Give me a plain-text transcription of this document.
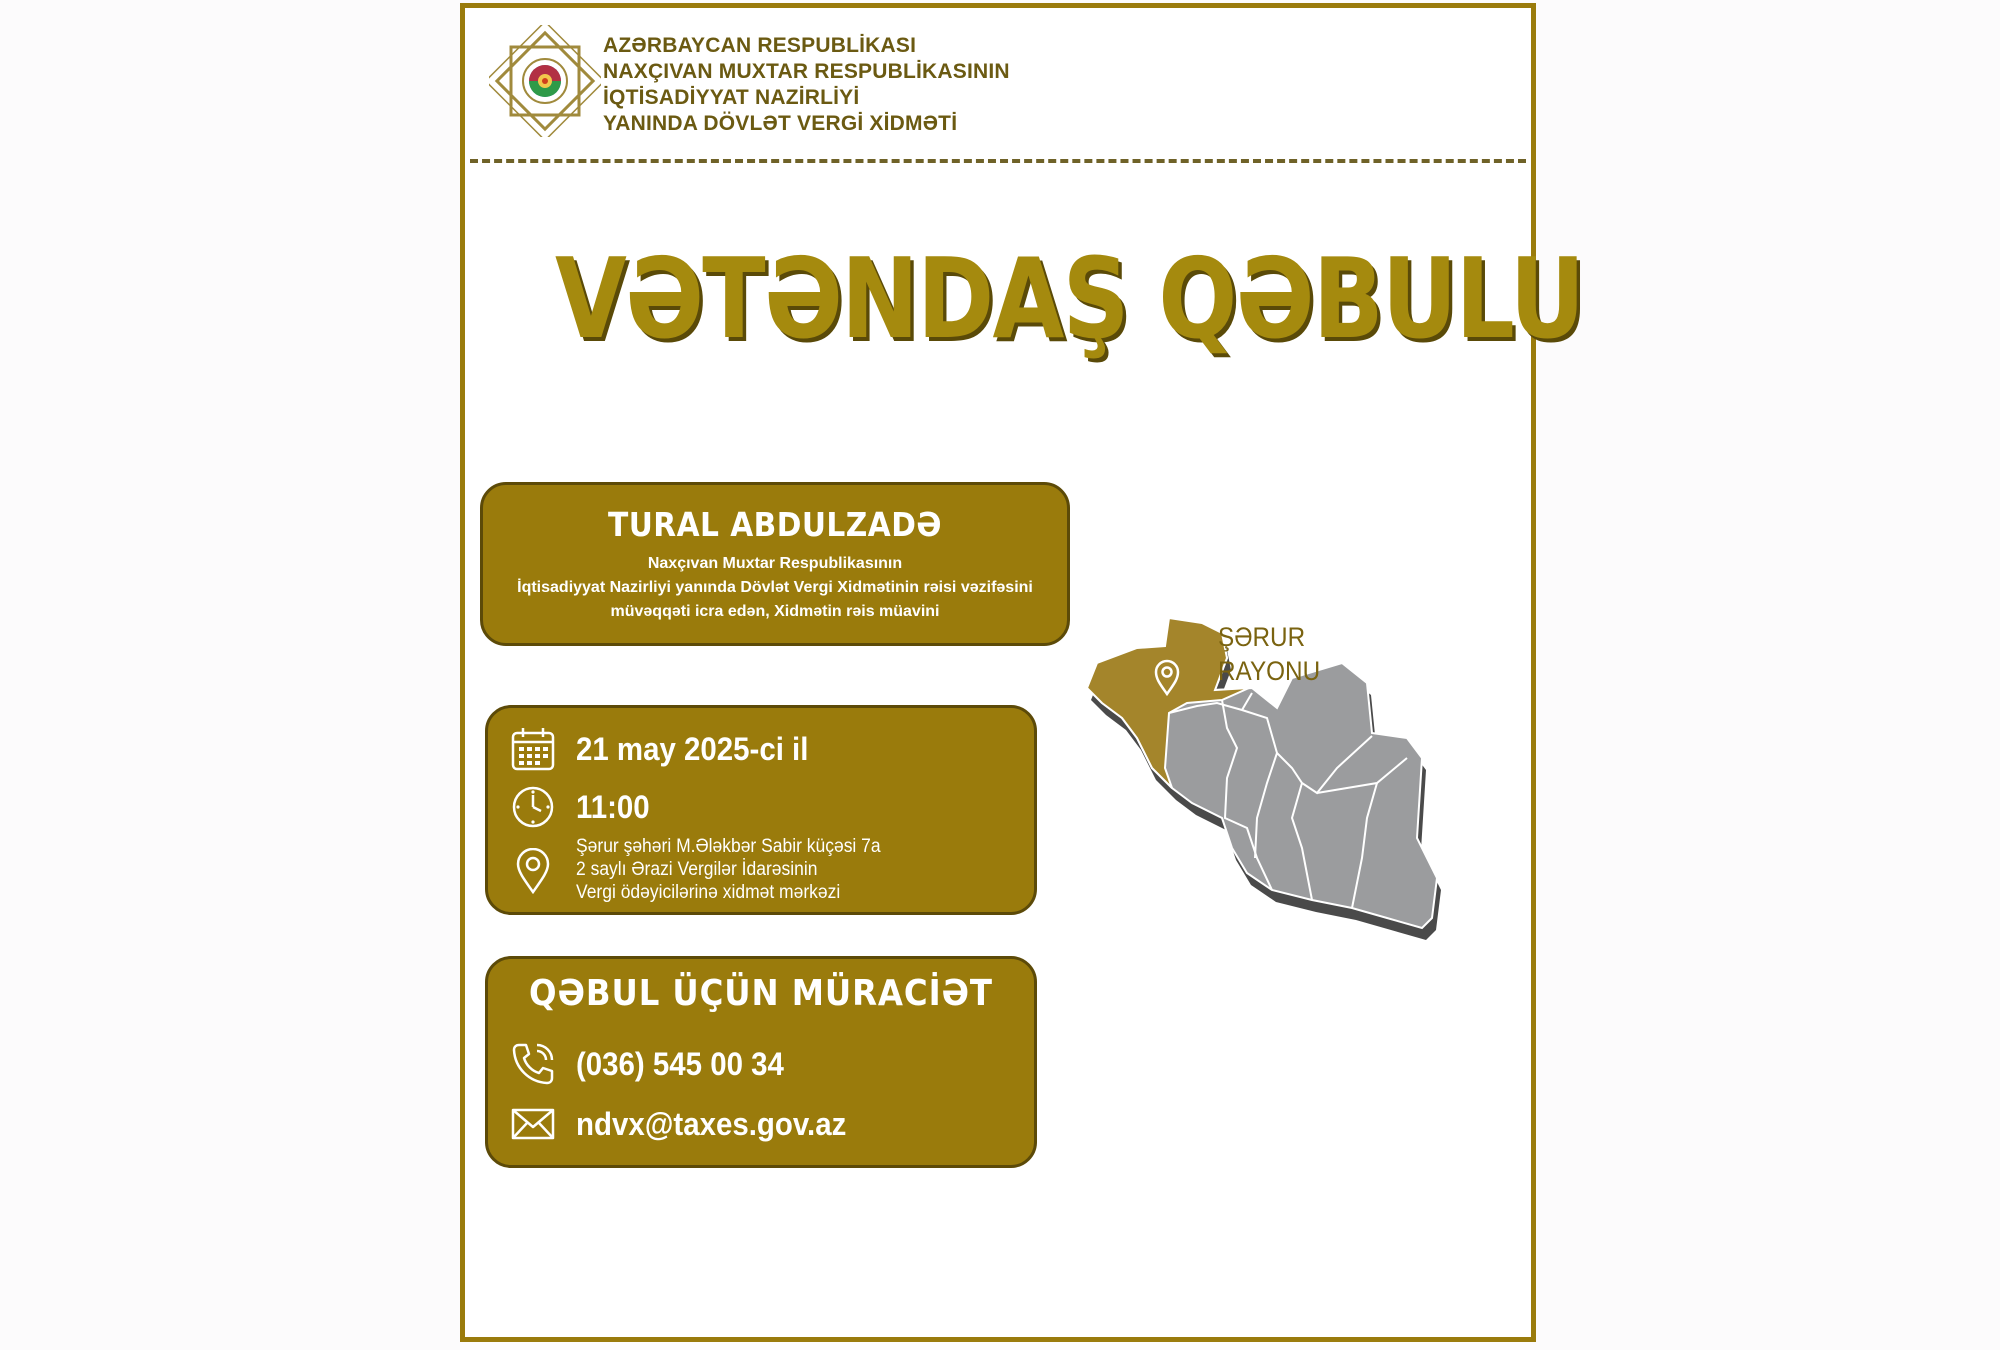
AZƏRBAYCAN RESPUBLİKASI
NAXÇIVAN MUXTAR RESPUBLİKASININ
İQTİSADİYYAT NAZİRLİYİ
YANINDA DÖVLƏT VERGİ XİDMƏTİ
VƏTƏNDAŞ QƏBULU
TURAL ABDULZADƏ
Naxçıvan Muxtar Respublikasının
İqtisadiyyat Nazirliyi yanında Dövlət Vergi Xidmətinin rəisi vəzifəsini
müvəqqəti icra edən, Xidmətin rəis müavini
21 may 2025-ci il
11:00
Şərur şəhəri M.Ələkbər Sabir küçəsi 7a
2 saylı Ərazi Vergilər İdarəsinin
Vergi ödəyicilərinə xidmət mərkəzi
QƏBUL ÜÇÜN MÜRACİƏT
(036) 545 00 34
ndvx@taxes.gov.az
ŞƏRUR
RAYONU
